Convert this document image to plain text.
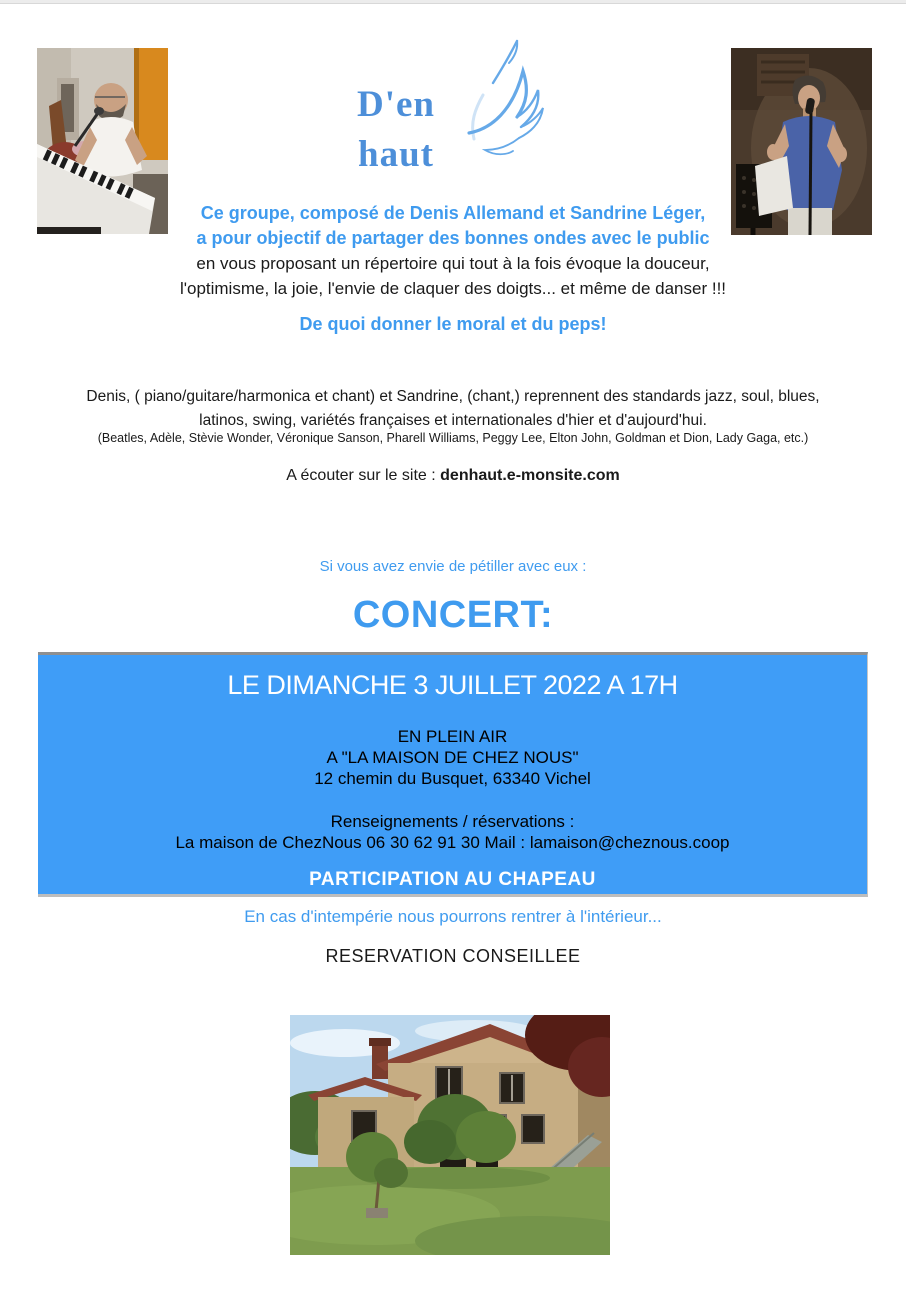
D'en
haut
Ce groupe, composé de Denis Allemand et Sandrine Léger,
a pour objectif de partager des bonnes ondes avec le public
en vous proposant un répertoire qui tout à la fois évoque la douceur,
l'optimisme, la joie, l'envie de claquer des doigts... et même de danser !!!
De quoi donner le moral et du peps!
Denis, ( piano/guitare/harmonica et chant) et Sandrine, (chant,) reprennent des standards jazz, soul, blues,
latinos, swing, variétés françaises et internationales d'hier et d'aujourd'hui.
(Beatles, Adèle, Stèvie Wonder, Véronique Sanson, Pharell Williams, Peggy Lee, Elton John, Goldman et Dion, Lady Gaga, etc.)
A écouter sur le site : denhaut.e-monsite.com
Si vous avez envie de pétiller avec eux :
CONCERT:
LE DIMANCHE 3 JUILLET 2022 A 17H
EN PLEIN AIR
A "LA MAISON DE CHEZ NOUS"
12 chemin du Busquet, 63340 Vichel
Renseignements / réservations :
La maison de ChezNous 06 30 62 91 30 Mail : lamaison@cheznous.coop
PARTICIPATION AU CHAPEAU
En cas d'intempérie nous pourrons rentrer à l'intérieur...
RESERVATION CONSEILLEE
